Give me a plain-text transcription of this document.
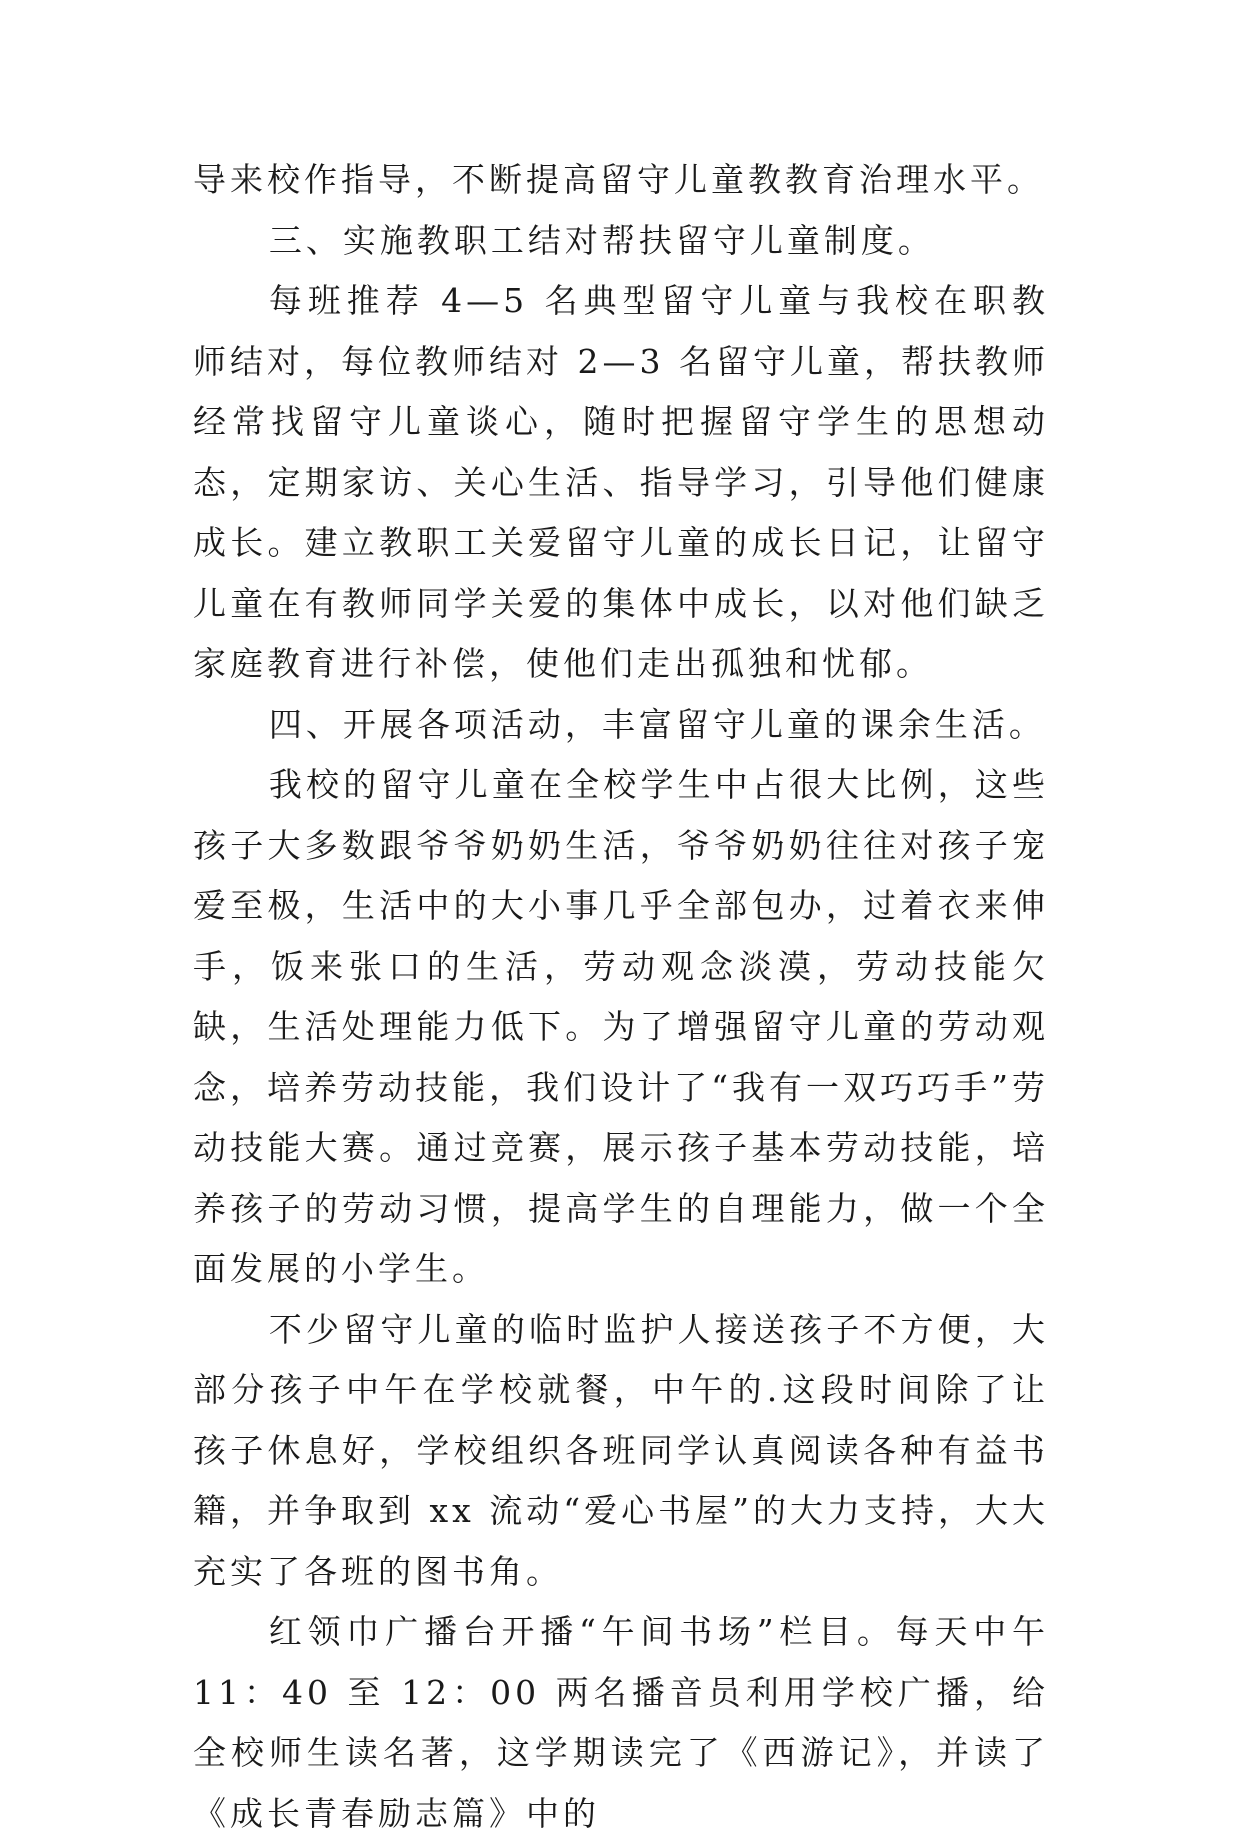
导来校作指导，不断提高留守儿童教教育治理水平。

三、实施教职工结对帮扶留守儿童制度。

每班推荐 4—5 名典型留守儿童与我校在职教师结对，每位教师结对 2—3 名留守儿童，帮扶教师经常找留守儿童谈心，随时把握留守学生的思想动态，定期家访、关心生活、指导学习，引导他们健康成长。建立教职工关爱留守儿童的成长日记，让留守儿童在有教师同学关爱的集体中成长，以对他们缺乏家庭教育进行补偿，使他们走出孤独和忧郁。

四、开展各项活动，丰富留守儿童的课余生活。

我校的留守儿童在全校学生中占很大比例，这些孩子大多数跟爷爷奶奶生活，爷爷奶奶往往对孩子宠爱至极，生活中的大小事几乎全部包办，过着衣来伸手，饭来张口的生活，劳动观念淡漠，劳动技能欠缺，生活处理能力低下。为了增强留守儿童的劳动观念，培养劳动技能，我们设计了“我有一双巧巧手”劳动技能大赛。通过竞赛，展示孩子基本劳动技能，培养孩子的劳动习惯，提高学生的自理能力，做一个全面发展的小学生。

不少留守儿童的临时监护人接送孩子不方便，大部分孩子中午在学校就餐，中午的.这段时间除了让孩子休息好，学校组织各班同学认真阅读各种有益书籍，并争取到 xx 流动“爱心书屋”的大力支持，大大充实了各班的图书角。

红领巾广播台开播“午间书场”栏目。每天中午 11：40 至 12：00 两名播音员利用学校广播，给全校师生读名著，这学期读完了《西游记》，并读了《成长青春励志篇》中的
